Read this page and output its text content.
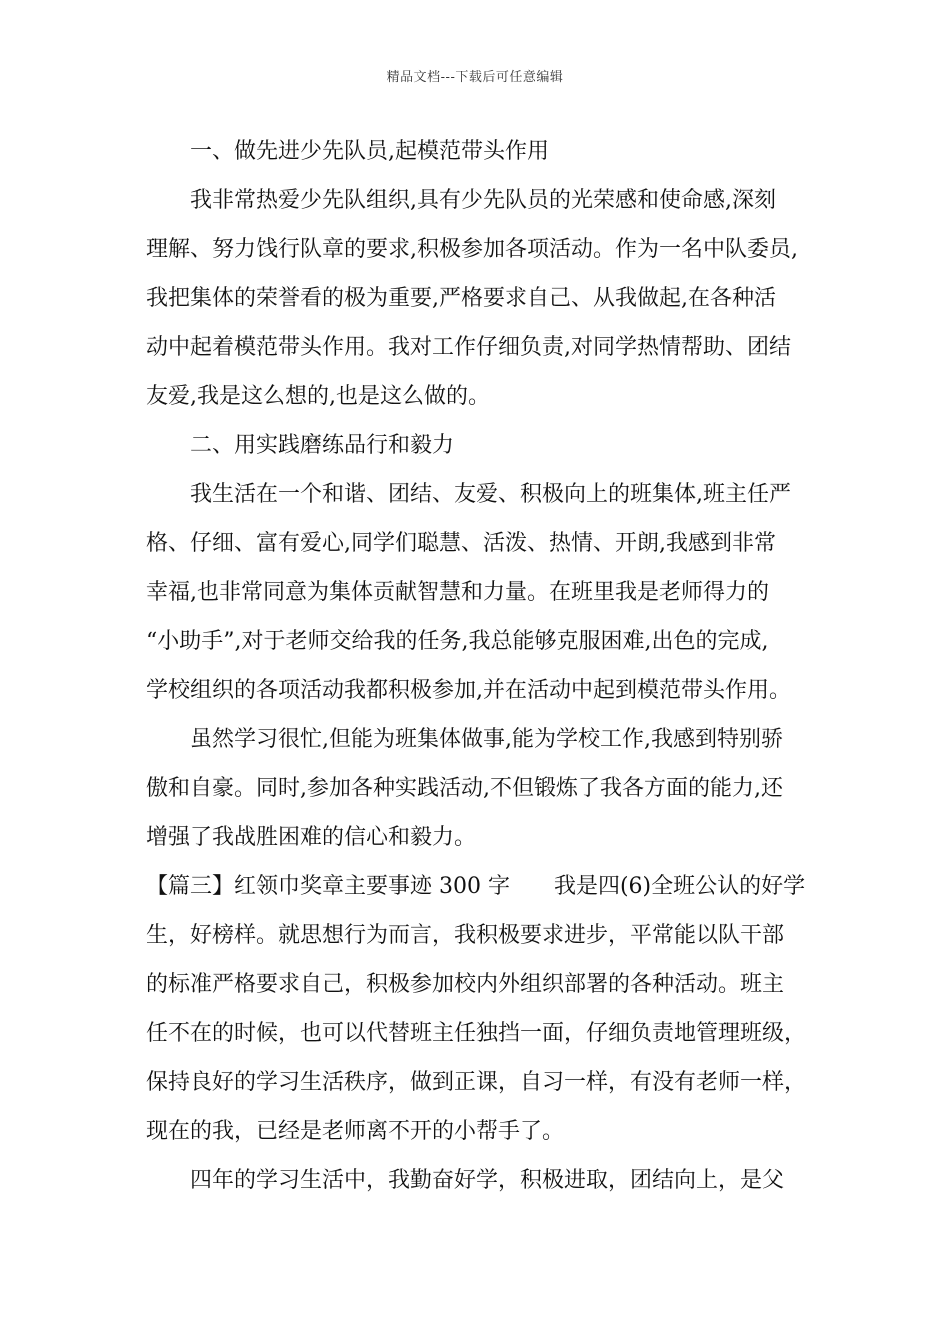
精品文档---下载后可任意编辑
一、做先进少先队员,起模范带头作用
我非常热爱少先队组织,具有少先队员的光荣感和使命感,深刻
理解、努力饯行队章的要求,积极参加各项活动。作为一名中队委员,
我把集体的荣誉看的极为重要,严格要求自己、从我做起,在各种活
动中起着模范带头作用。我对工作仔细负责,对同学热情帮助、团结
友爱,我是这么想的,也是这么做的。
二、用实践磨练品行和毅力
我生活在一个和谐、团结、友爱、积极向上的班集体,班主任严
格、仔细、富有爱心,同学们聪慧、活泼、热情、开朗,我感到非常
幸福,也非常同意为集体贡献智慧和力量。在班里我是老师得力的
“小助手”,对于老师交给我的任务,我总能够克服困难,出色的完成,
学校组织的各项活动我都积极参加,并在活动中起到模范带头作用。
虽然学习很忙,但能为班集体做事,能为学校工作,我感到特别骄
傲和自豪。同时,参加各种实践活动,不但锻炼了我各方面的能力,还
增强了我战胜困难的信心和毅力。
【篇三】红领巾奖章主要事迹 300 字　　我是四(6)全班公认的好学
生，好榜样。就思想行为而言，我积极要求进步，平常能以队干部
的标准严格要求自己，积极参加校内外组织部署的各种活动。班主
任不在的时候，也可以代替班主任独挡一面，仔细负责地管理班级，
保持良好的学习生活秩序，做到正课，自习一样，有没有老师一样，
现在的我，已经是老师离不开的小帮手了。
四年的学习生活中，我勤奋好学，积极进取，团结向上，是父
